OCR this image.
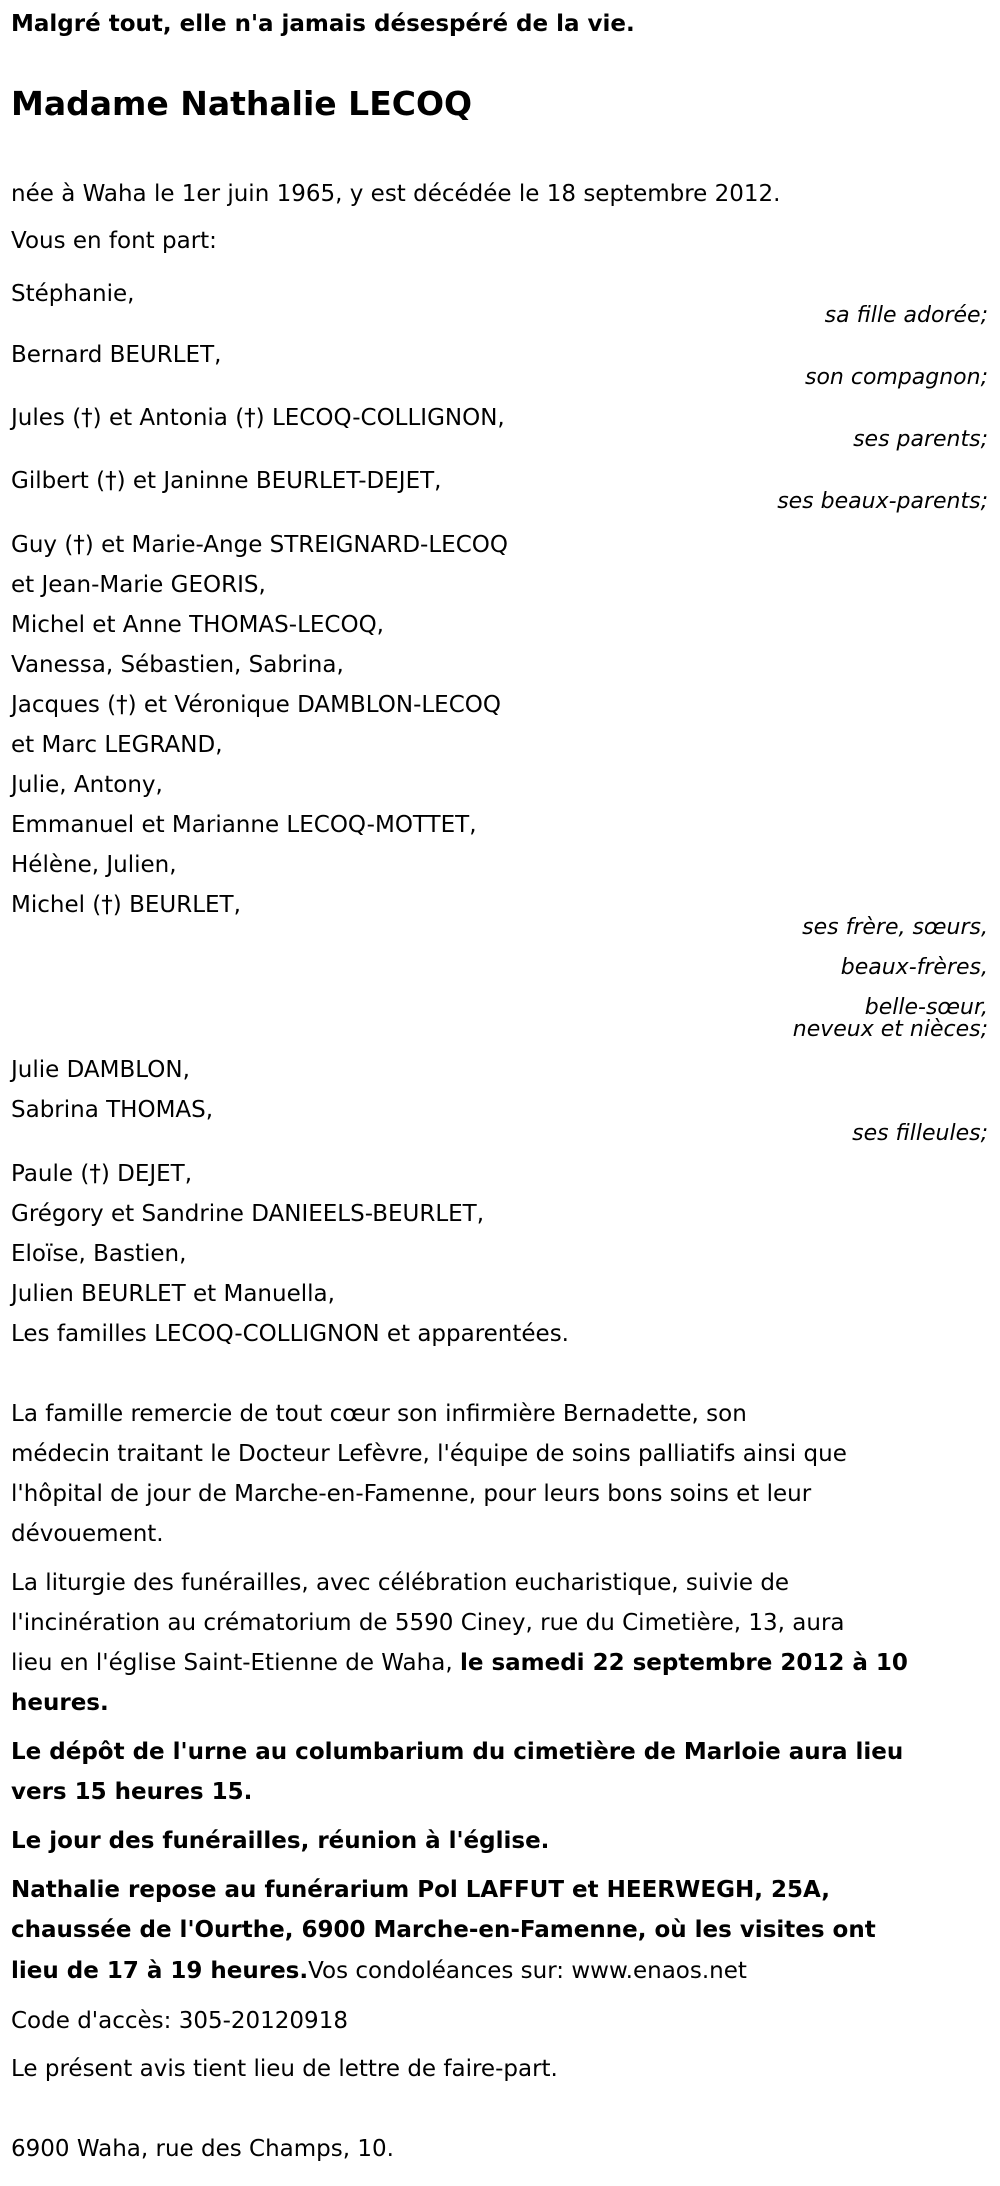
Malgré tout, elle n'a jamais désespéré de la vie.
Madame Nathalie LECOQ
née à Waha le 1er juin 1965, y est décédée le 18 septembre 2012.
Vous en font part:
Stéphanie,
sa fille adorée;
Bernard BEURLET,
son compagnon;
Jules (†) et Antonia (†) LECOQ-COLLIGNON,
ses parents;
Gilbert (†) et Janinne BEURLET-DEJET,
ses beaux-parents;
Guy (†) et Marie-Ange STREIGNARD-LECOQ
et Jean-Marie GEORIS,
Michel et Anne THOMAS-LECOQ,
Vanessa, Sébastien, Sabrina,
Jacques (†) et Véronique DAMBLON-LECOQ
et Marc LEGRAND,
Julie, Antony,
Emmanuel et Marianne LECOQ-MOTTET,
Hélène, Julien,
Michel (†) BEURLET,
ses frère, sœurs,
beaux-frères,
belle-sœur,
neveux et nièces;
Julie DAMBLON,
Sabrina THOMAS,
ses filleules;
Paule (†) DEJET,
Grégory et Sandrine DANIEELS-BEURLET,
Eloïse, Bastien,
Julien BEURLET et Manuella,
Les familles LECOQ-COLLIGNON et apparentées.
La famille remercie de tout cœur son infirmière Bernadette, son
médecin traitant le Docteur Lefèvre, l'équipe de soins palliatifs ainsi que
l'hôpital de jour de Marche-en-Famenne, pour leurs bons soins et leur
dévouement.
La liturgie des funérailles, avec célébration eucharistique, suivie de
l'incinération au crématorium de 5590 Ciney, rue du Cimetière, 13, aura
lieu en l'église Saint-Etienne de Waha, le samedi 22 septembre 2012 à 10
heures.
Le dépôt de l'urne au columbarium du cimetière de Marloie aura lieu
vers 15 heures 15.
Le jour des funérailles, réunion à l'église.
Nathalie repose au funérarium Pol LAFFUT et HEERWEGH, 25A,
chaussée de l'Ourthe, 6900 Marche-en-Famenne, où les visites ont
lieu de 17 à 19 heures.Vos condoléances sur: www.enaos.net
Code d'accès: 305-20120918
Le présent avis tient lieu de lettre de faire-part.
6900 Waha, rue des Champs, 10.
